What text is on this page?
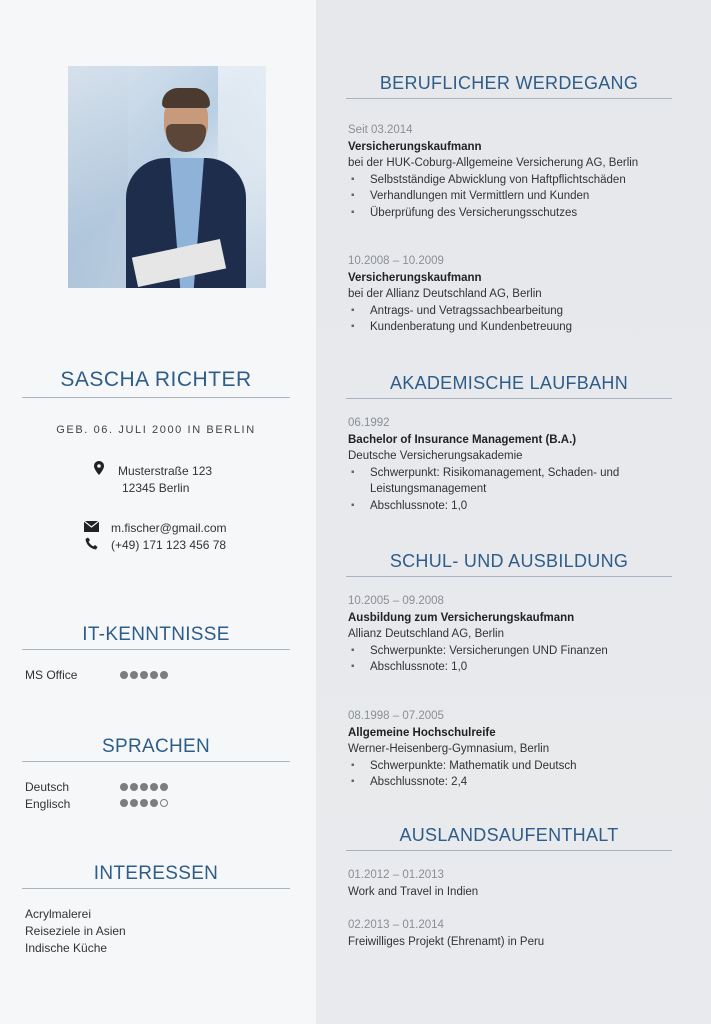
SASCHA RICHTER
GEB. 06. JULI 2000 IN BERLIN
Musterstraße 123
12345 Berlin
m.fischer@gmail.com
(+49) 171 123 456 78
IT-KENNTNISSE
MS Office
SPRACHEN
Deutsch
Englisch
INTERESSEN
Acrylmalerei
Reiseziele in Asien
Indische Küche
BERUFLICHER WERDEGANG
Seit 03.2014
Versicherungskaufmann
bei der HUK-Coburg-Allgemeine Versicherung AG, Berlin
▪ Selbstständige Abwicklung von Haftpflichtschäden
▪ Verhandlungen mit Vermittlern und Kunden
▪ Überprüfung des Versicherungsschutzes
10.2008 – 10.2009
Versicherungskaufmann
bei der Allianz Deutschland AG, Berlin
▪ Antrags- und Vetragssachbearbeitung
▪ Kundenberatung und Kundenbetreuung
AKADEMISCHE LAUFBAHN
06.1992
Bachelor of Insurance Management (B.A.)
Deutsche Versicherungsakademie
▪ Schwerpunkt: Risikomanagement, Schaden- und Leistungsmanagement
▪ Abschlussnote: 1,0
SCHUL- UND AUSBILDUNG
10.2005 – 09.2008
Ausbildung zum Versicherungskaufmann
Allianz Deutschland AG, Berlin
▪ Schwerpunkte: Versicherungen UND Finanzen
▪ Abschlussnote: 1,0
08.1998 – 07.2005
Allgemeine Hochschulreife
Werner-Heisenberg-Gymnasium, Berlin
▪ Schwerpunkte: Mathematik und Deutsch
▪ Abschlussnote: 2,4
AUSLANDSAUFENTHALT
01.2012 – 01.2013
Work and Travel in Indien
02.2013 – 01.2014
Freiwilliges Projekt (Ehrenamt) in Peru
